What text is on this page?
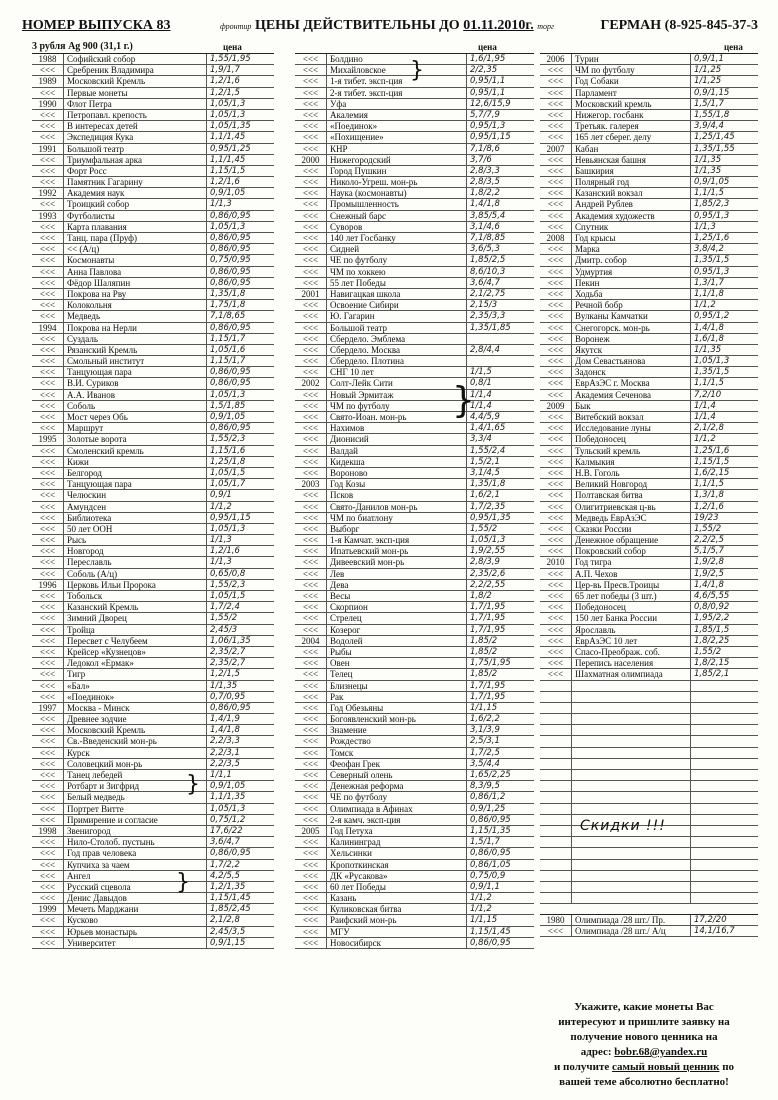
НОМЕР ВЫПУСКА 83	фронтир ЦЕНЫ ДЕЙСТВИТЕЛЬНЫ ДО 01.11.2010г. торг	ГЕРМАН (8-925-845-37-3
3 рубля Ag 900 (31,1 г.)	цена	цена	цена
1988	Софийский собор	1,55/1,95
<<<	Сребреник Владимира	1,9/1,7
1989	Московский Кремль	1,2/1,6
<<<	Первые монеты	1,2/1,5
1990	Флот Петра	1,05/1,3
<<<	Петропавл. крепость	1,05/1,3
<<<	В интересах детей	1,05/1,35
<<<	Экспедиция Кука	1,1/1,45
1991	Большой театр	0,95/1,25
<<<	Триумфальная арка	1,1/1,45
<<<	Форт Росс	1,15/1,5
<<<	Памятник Гагарину	1,2/1,6
1992	Академия наук	0,9/1,05
<<<	Троицкий собор	1/1,3
1993	Футболисты	0,86/0,95
<<<	Карта плавания	1,05/1,3
<<<	Танц. пара (Пруф)	0,86/0,95
<<<	<< (А/ц)	0,86/0,95
<<<	Космонавты	0,75/0,95
<<<	Анна Павлова	0,86/0,95
<<<	Фёдор Шаляпин	0,86/0,95
<<<	Покрова на Рву	1,35/1,8
<<<	Колокольня	1,75/1,8
<<<	Медведь	7,1/8,65
1994	Покрова на Нерли	0,86/0,95
<<<	Суздаль	1,15/1,7
<<<	Рязанский Кремль	1,05/1,6
<<<	Смольный институт	1,15/1,7
<<<	Танцующая пара	0,86/0,95
<<<	В.И. Суриков	0,86/0,95
<<<	А.А. Иванов	1,05/1,3
<<<	Соболь	1,5/1,85
<<<	Мост через Обь	0,9/1,05
<<<	Маршрут	0,86/0,95
1995	Золотые ворота	1,55/2,3
<<<	Смоленский кремль	1,15/1,6
<<<	Кижи	1,25/1,8
<<<	Белгород	1,05/1,5
<<<	Танцующая пара	1,05/1,7
<<<	Челюскин	0,9/1
<<<	Амундсен	1/1,2
<<<	Библиотека	0,95/1,15
<<<	50 лет ООН	1,05/1,3
<<<	Рысь	1/1,3
<<<	Новгород	1,2/1,6
<<<	Переславль	1/1,3
<<<	Соболь (А/ц)	0,65/0,8
1996	Церковь Ильи Пророка	1,55/2,3
<<<	Тобольск	1,05/1,5
<<<	Казанский Кремль	1,7/2,4
<<<	Зимний Дворец	1,55/2
<<<	Тройца	2,45/3
<<<	Пересвет с Челубеем	1,06/1,35
<<<	Крейсер «Кузнецов»	2,35/2,7
<<<	Ледокол «Ермак»	2,35/2,7
<<<	Тигр	1,2/1,5
<<<	«Бал»	1/1,35
<<<	«Поединок»	0,7/0,95
1997	Москва - Минск	0,86/0,95
<<<	Древнее зодчие	1,4/1,9
<<<	Московский Кремль	1,4/1,8
<<<	Св.-Введенский мон-рь	2,2/3,3
<<<	Курск	2,2/3,1
<<<	Соловецкий мон-рь	2,2/3,5
<<<	Танец лебедей	1/1,1
<<<	Ротбарт и Зигфрид	0,9/1,05
<<<	Белый медведь	1,1/1,35
<<<	Портрет Витте	1,05/1,3
<<<	Примирение и согласие	0,75/1,2
1998	Звенигород	17,6/22
<<<	Нило-Столоб. пустынь	3,6/4,7
<<<	Год прав человека	0,86/0,95
<<<	Купчиха за чаем	1,7/2,2
<<<	Ангел	4,2/5,5
<<<	Русский сцевола	1,2/1,35
<<<	Денис Давыдов	1,15/1,45
1999	Мечеть Марджани	1,85/2,45
<<<	Кусково	2,1/2,8
<<<	Юрьев монастырь	2,45/3,5
<<<	Университет	0,9/1,15
<<<	Болдино	1,6/1,95
<<<	Михайловское	2/2,35
<<<	1-я тибет. эксп-ция	0,95/1,1
<<<	2-я тибет. эксп-ция	0,95/1,1
<<<	Уфа	12,6/15,9
<<<	Акалемия	5,7/7,9
<<<	«Поединок»	0,95/1,3
<<<	«Похищение»	0,95/1,15
<<<	КНР	7,1/8,6
2000	Нижегородский	3,7/6
<<<	Город Пушкин	2,8/3,3
<<<	Николо-Угреш. мон-рь	2,8/3,5
<<<	Наука (космонавты)	1,8/2,2
<<<	Промышленность	1,4/1,8
<<<	Снежный барс	3,85/5,4
<<<	Суворов	3,1/4,6
<<<	140 лет Госбанку	7,1/8,85
<<<	Сидней	3,6/5,3
<<<	ЧЕ по футболу	1,85/2,5
<<<	ЧМ по хоккею	8,6/10,3
<<<	55 лет Победы	3,6/4,7
2001	Навигацкая школа	2,1/2,75
<<<	Освоение Сибири	2,15/3
<<<	Ю. Гагарин	2,35/3,3
<<<	Большой театр	1,35/1,85
<<<	Сбердело. Эмблема
<<<	Сбердело. Москва	2,8/4,4
<<<	Сбердело. Плотина
<<<	СНГ 10 лет	1/1,5
2002	Солт-Лейк Сити	0,8/1
<<<	Новый Эрмитаж	1/1,4
<<<	ЧМ по футболу	1/1,4
<<<	Свято-Иоан. мон-рь	4,4/5,9
<<<	Нахимов	1,4/1,65
<<<	Дионисий	3,3/4
<<<	Валдай	1,55/2,4
<<<	Кидекша	1,5/2,1
<<<	Вороново	3,1/4,5
2003	Год Козы	1,35/1,8
<<<	Псков	1,6/2,1
<<<	Свято-Данилов мон-рь	1,7/2,35
<<<	ЧМ по биатлону	0,95/1,35
<<<	Выборг	1,55/2
<<<	1-я Камчат. эксп-ция	1,05/1,3
<<<	Ипатьевский мон-рь	1,9/2,55
<<<	Дивеевский мон-рь	2,8/3,9
<<<	Лев	2,35/2,6
<<<	Дева	2,2/2,55
<<<	Весы	1,8/2
<<<	Скорпион	1,7/1,95
<<<	Стрелец	1,7/1,95
<<<	Козерог	1,7/1,95
2004	Водолей	1,85/2
<<<	Рыбы	1,85/2
<<<	Овен	1,75/1,95
<<<	Телец	1,85/2
<<<	Близнецы	1,7/1,95
<<<	Рак	1,7/1,95
<<<	Год Обезьяны	1/1,15
<<<	Богоявленский мон-рь	1,6/2,2
<<<	Знамение	3,1/3,9
<<<	Рождество	2,5/3,1
<<<	Томск	1,7/2,5
<<<	Феофан Грек	3,5/4,4
<<<	Северный олень	1,65/2,25
<<<	Денежная реформа	8,3/9,5
<<<	ЧЕ по футболу	0,86/1,2
<<<	Олимпиада в Афинах	0,9/1,25
<<<	2-я камч. эксп-ция	0,86/0,95
2005	Год Петуха	1,15/1,35
<<<	Калининград	1,5/1,7
<<<	Хельсинки	0,86/0,95
<<<	Кропоткинская	0,86/1,05
<<<	ДК «Русакова»	0,75/0,9
<<<	60 лет Победы	0,9/1,1
<<<	Казань	1/1,2
<<<	Куликовская битва	1/1,2
<<<	Раифский мон-рь	1/1,15
<<<	МГУ	1,15/1,45
<<<	Новосибирск	0,86/0,95
2006	Турин	0,9/1,1
<<<	ЧМ по футболу	1/1,25
<<<	Год Собаки	1/1,25
<<<	Парламент	0,9/1,15
<<<	Московский кремль	1,5/1,7
<<<	Нижегор. госбанк	1,55/1,8
<<<	Третьяк. галерея	3,9/4,4
<<<	165 лет сберег. делу	1,25/1,45
2007	Кабан	1,35/1,55
<<<	Невьянская башня	1/1,35
<<<	Башкирия	1/1,35
<<<	Полярный год	0,9/1,05
<<<	Казанский вокзал	1,1/1,5
<<<	Андрей Рублев	1,85/2,3
<<<	Академия художеств	0,95/1,3
<<<	Спутник	1/1,3
2008	Год крысы	1,25/1,6
<<<	Марка	3,8/4,2
<<<	Дмитр. собор	1,35/1,5
<<<	Удмуртия	0,95/1,3
<<<	Пекин	1,3/1,7
<<<	Ходьба	1,1/1,8
<<<	Речной бобр	1/1,2
<<<	Вулканы Камчатки	0,95/1,2
<<<	Снегогорск. мон-рь	1,4/1,8
<<<	Воронеж	1,6/1,8
<<<	Якутск	1/1,35
<<<	Дом Севастьянова	1,05/1,3
<<<	Задонск	1,35/1,5
<<<	ЕврАзЭС г. Москва	1,1/1,5
<<<	Академия Сеченова	7,2/10
2009	Бык	1/1,4
<<<	Витебский вокзал	1/1,4
<<<	Исследование луны	2,1/2,8
<<<	Победоносец	1/1,2
<<<	Тульский кремль	1,25/1,6
<<<	Калмыкия	1,15/1,5
<<<	Н.В. Гоголь	1,6/2,15
<<<	Великий Новгород	1,1/1,5
<<<	Полтавская битва	1,3/1,8
<<<	Олигитриевская ц-вь	1,2/1,6
<<<	Медведь ЕврАзЭС	19/23
<<<	Сказки России	1,55/2
<<<	Денежное обращение	2,2/2,5
<<<	Покровский собор	5,1/5,7
2010	Год тигра	1,9/2,8
<<<	А.П. Чехов	1,9/2,5
<<<	Цер-вь Пресв.Троицы	1,4/1,8
<<<	65 лет победы (3 шт.)	4,6/5,55
<<<	Победоносец	0,8/0,92
<<<	150 лет Банка России	1,95/2,2
<<<	Ярославль	1,85/1,5
<<<	ЕврАзЭС 10 лет	1,8/2,25
<<<	Спасо-Преображ. соб.	1,55/2
<<<	Перепись населения	1,8/2,15
<<<	Шахматная олимпиада	1,85/2,1
1980	Олимпиада /28 шт./ Пр.	17,2/20
<<<	Олимпиада /28 шт./ А/ц	14,1/16,7
}
}
}
}
Скидки !!!
Укажите, какие монеты Вас
интересуют и пришлите заявку на
получение нового ценника на
адрес: bobr.68@yandex.ru
и получите самый новый ценник по
вашей теме абсолютно бесплатно!
